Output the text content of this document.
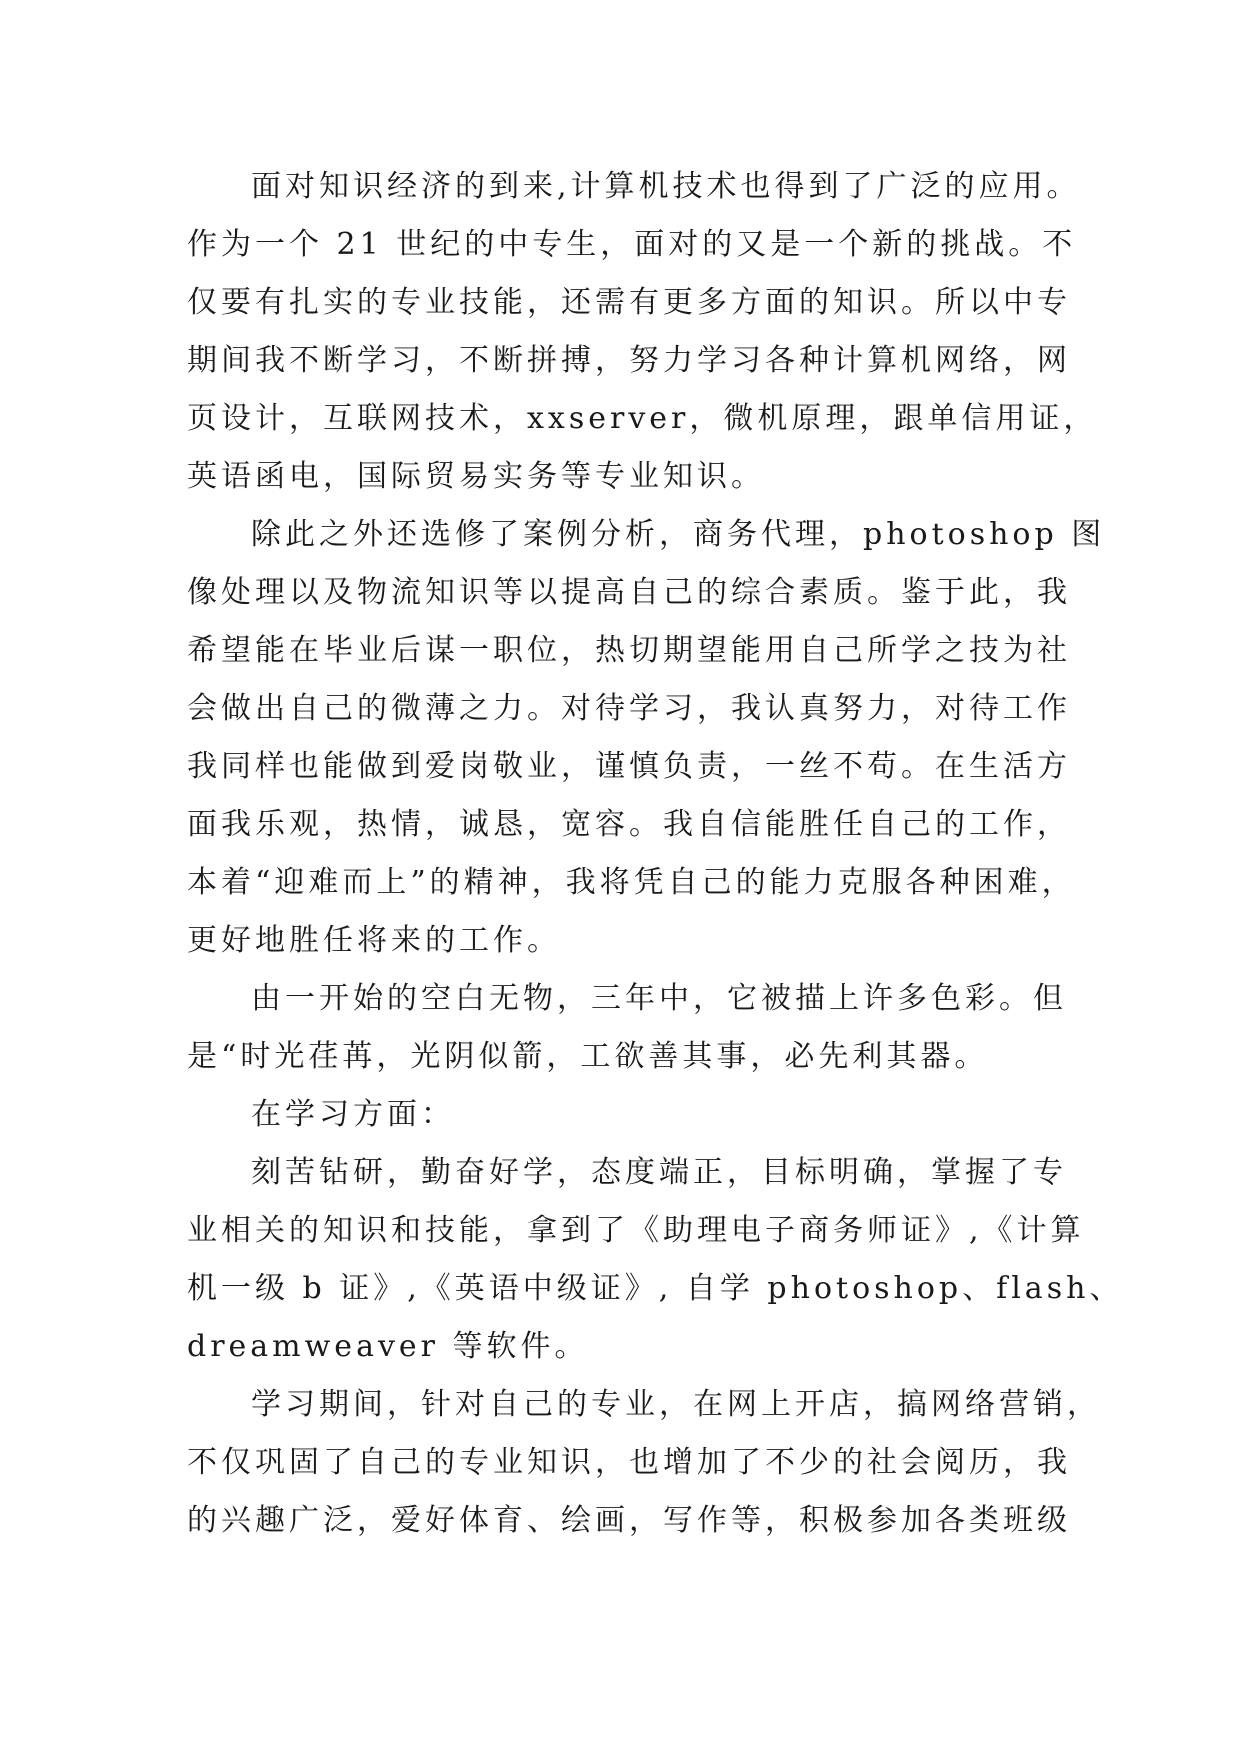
面对知识经济的到来,计算机技术也得到了广泛的应用。
作为一个 21 世纪的中专生，面对的又是一个新的挑战。不
仅要有扎实的专业技能，还需有更多方面的知识。所以中专
期间我不断学习，不断拼搏，努力学习各种计算机网络，网
页设计，互联网技术，xxserver，微机原理，跟单信用证，
英语函电，国际贸易实务等专业知识。
除此之外还选修了案例分析，商务代理，photoshop 图
像处理以及物流知识等以提高自己的综合素质。鉴于此，我
希望能在毕业后谋一职位，热切期望能用自己所学之技为社
会做出自己的微薄之力。对待学习，我认真努力，对待工作
我同样也能做到爱岗敬业，谨慎负责，一丝不苟。在生活方
面我乐观，热情，诚恳，宽容。我自信能胜任自己的工作，
本着“迎难而上”的精神，我将凭自己的能力克服各种困难，
更好地胜任将来的工作。
由一开始的空白无物，三年中，它被描上许多色彩。但
是“时光荏苒，光阴似箭，工欲善其事，必先利其器。
在学习方面：
刻苦钻研，勤奋好学，态度端正，目标明确，掌握了专
业相关的知识和技能，拿到了《助理电子商务师证》,《计算
机一级 b 证》,《英语中级证》, 自学 photoshop、flash、
dreamweaver 等软件。
学习期间，针对自己的专业，在网上开店，搞网络营销，
不仅巩固了自己的专业知识，也增加了不少的社会阅历，我
的兴趣广泛，爱好体育、绘画，写作等，积极参加各类班级
